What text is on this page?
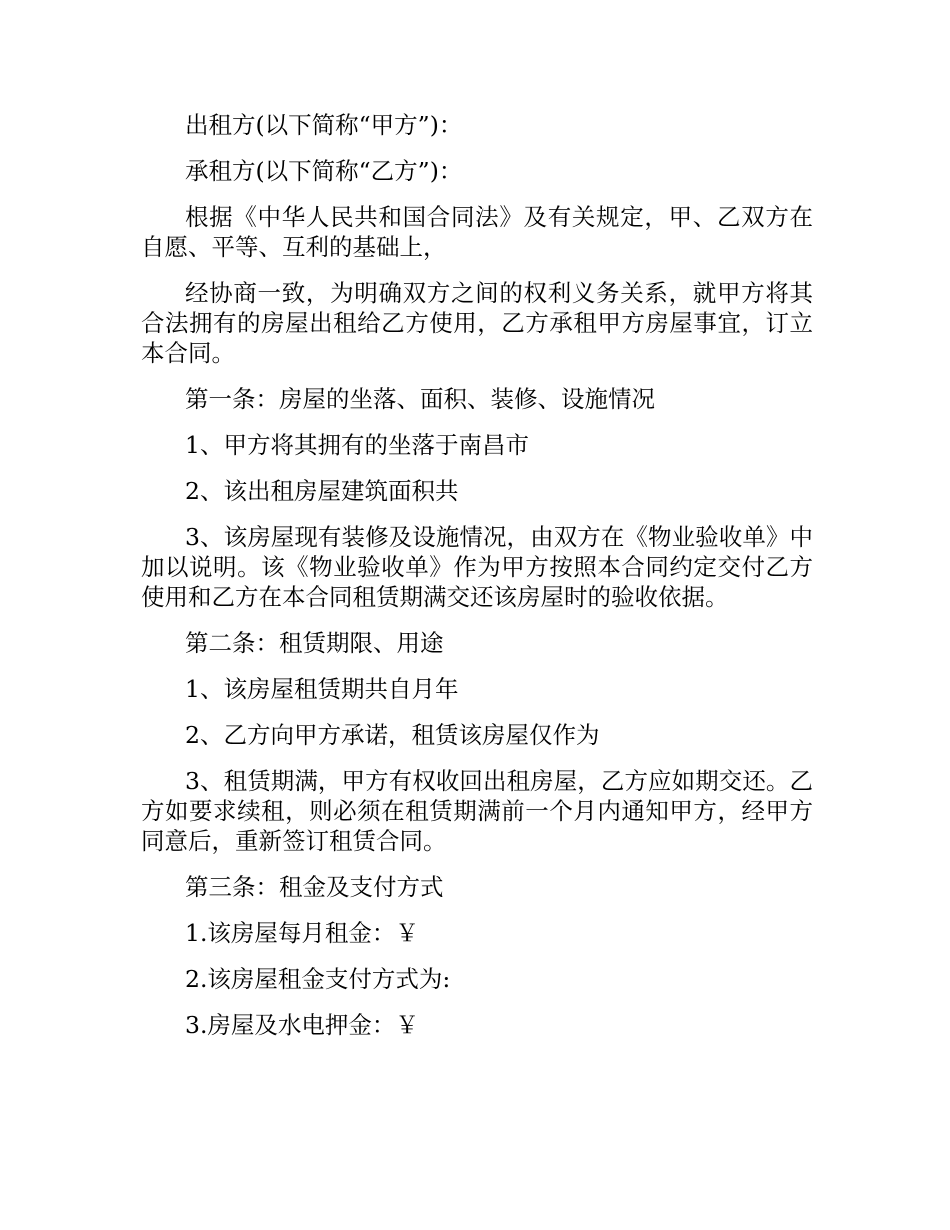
出租方(以下简称“甲方”)：

承租方(以下简称“乙方”)：

根据《中华人民共和国合同法》及有关规定，甲、乙双方在自愿、平等、互利的基础上，

经协商一致，为明确双方之间的权利义务关系，就甲方将其合法拥有的房屋出租给乙方使用，乙方承租甲方房屋事宜，订立本合同。

第一条：房屋的坐落、面积、装修、设施情况

1、甲方将其拥有的坐落于南昌市

2、该出租房屋建筑面积共

3、该房屋现有装修及设施情况，由双方在《物业验收单》中加以说明。该《物业验收单》作为甲方按照本合同约定交付乙方使用和乙方在本合同租赁期满交还该房屋时的验收依据。

第二条：租赁期限、用途

1、该房屋租赁期共自月年

2、乙方向甲方承诺，租赁该房屋仅作为

3、租赁期满，甲方有权收回出租房屋，乙方应如期交还。乙方如要求续租，则必须在租赁期满前一个月内通知甲方，经甲方同意后，重新签订租赁合同。

第三条：租金及支付方式

1.该房屋每月租金：￥

2.该房屋租金支付方式为:

3.房屋及水电押金：￥
